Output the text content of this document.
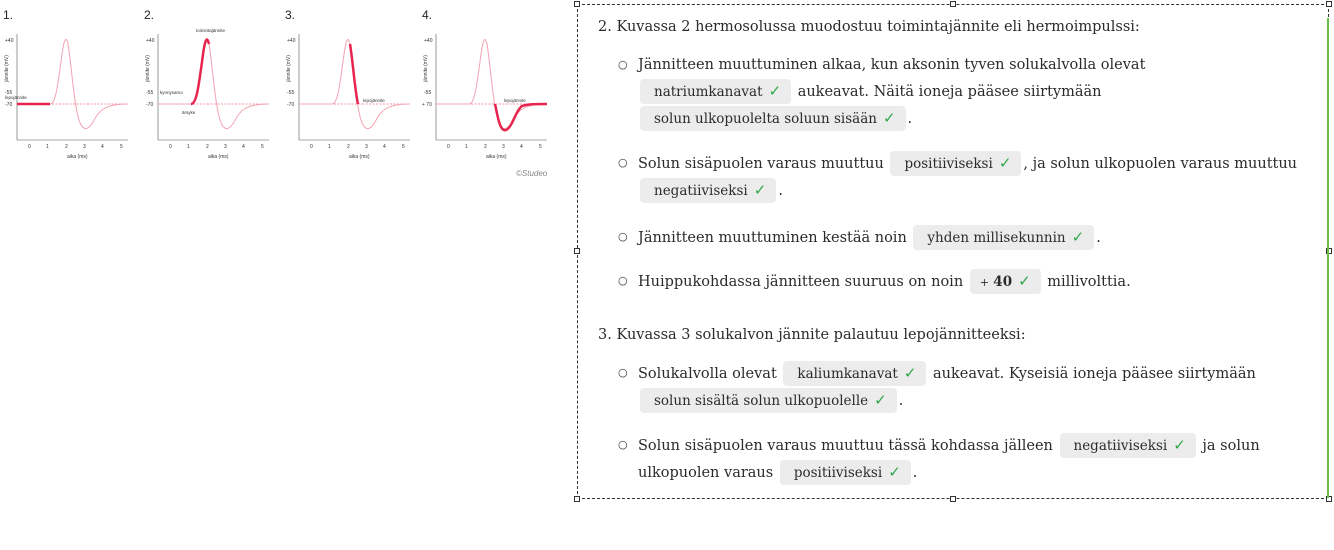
1.
+40
-55
-70
jännite (mV)
0	1	2	3	4	5
aika (ms)
lepojännite
2.
+40
-55
-70
jännite (mV)
0	1	2	3	4	5
aika (ms)
toimintajännite
kynnysarvo
ärsyke
3.
+40
-55
-70
jännite (mV)
0	1	2	3	4	5
aika (ms)
lepojännite
4.
+40
-55
+ 70
jännite (mV)
0	1	2	3	4	5
aika (ms)
lepojännite
©Studeo

2. Kuvassa 2 hermosolussa muodostuu toimintajännite eli hermoimpulssi:

○ Jännitteen muuttuminen alkaa, kun aksonin tyven solukalvolla olevat
natriumkanavat ✓ aukeavat. Näitä ioneja pääsee siirtymään
solun ulkopuolelta soluun sisään ✓ .
○ Solun sisäpuolen varaus muuttuu positiiviseksi ✓ , ja solun ulkopuolen varaus muuttuu negatiiviseksi ✓ .
○ Jännitteen muuttuminen kestää noin yhden millisekunnin ✓ .
○ Huippukohdassa jännitteen suuruus on noin + 40 ✓ millivolttia.

3. Kuvassa 3 solukalvon jännite palautuu lepojännitteeksi:

○ Solukalvolla olevat kaliumkanavat ✓ aukeavat. Kyseisiä ioneja pääsee siirtymään solun sisältä solun ulkopuolelle ✓ .
○ Solun sisäpuolen varaus muuttuu tässä kohdassa jälleen negatiiviseksi ✓ ja solun ulkopuolen varaus positiiviseksi ✓ .
